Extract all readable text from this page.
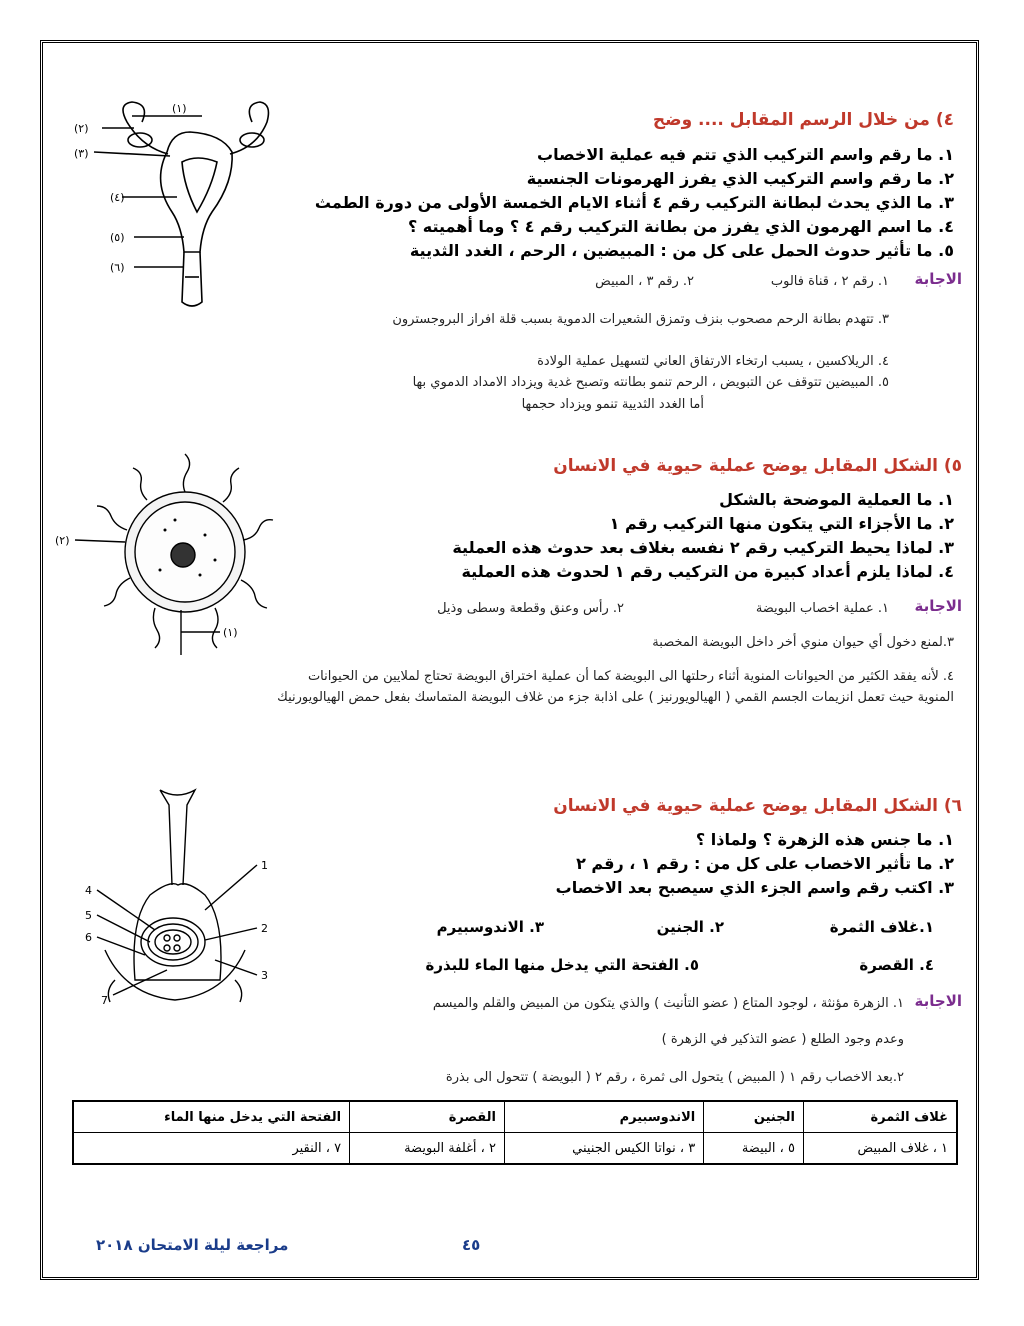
٤) من خلال الرسم المقابل .... وضح
١. ما رقم واسم التركيب الذي تتم فيه عملية الاخصاب
٢. ما رقم واسم التركيب الذي يفرز الهرمونات الجنسية
٣. ما الذي يحدث لبطانة التركيب رقم ٤ أثناء الايام الخمسة الأولى من دورة الطمث
٤. ما اسم الهرمون الذي يفرز من بطانة التركيب رقم ٤ ؟ وما أهميته ؟
٥. ما تأثير حدوث الحمل على كل من : المبيضين ، الرحم ، الغدد الثديية
الاجابة
١. رقم ٢ ، قناة فالوب
٢. رقم ٣ ، المبيض
٣. تتهدم بطانة الرحم مصحوب بنزف وتمزق الشعيرات الدموية بسبب قلة افراز البروجسترون
٤. الريلاكسين ، يسبب ارتخاء الارتفاق العاني لتسهيل عملية الولادة
٥. المبيضين تتوقف عن التبويض ، الرحم تنمو بطانته وتصبح غدية ويزداد الامداد الدموي بها
أما الغدد الثديية تنمو ويزداد حجمها
(١)
(٢)
(٣)
(٤)
(٥)
(٦)
٥) الشكل المقابل يوضح عملية حيوية في الانسان
١. ما العملية الموضحة بالشكل
٢. ما الأجزاء التي يتكون منها التركيب رقم ١
٣. لماذا يحيط التركيب رقم ٢ نفسه بغلاف بعد حدوث هذه العملية
٤. لماذا يلزم أعداد كبيرة من التركيب رقم ١ لحدوث هذه العملية
الاجابة
١. عملية اخصاب البويضة
٢. رأس وعنق وقطعة وسطى وذيل
٣.لمنع دخول أي حيوان منوي أخر داخل البويضة المخصبة
٤. لأنه يفقد الكثير من الحيوانات المنوية أثناء رحلتها الى البويضة كما أن عملية اختراق البويضة تحتاج لملايين من الحيوانات
المنوية حيث تعمل انزيمات الجسم القمي ( الهيالويورنيز ) على اذابة جزء من غلاف البويضة المتماسك بفعل حمض الهيالويورنيك
(٢)
(١)
٦) الشكل المقابل يوضح عملية حيوية في الانسان
١. ما جنس هذه الزهرة ؟ ولماذا ؟
٢. ما تأثير الاخصاب على كل من : رقم ١ ، رقم ٢
٣. اكتب رقم واسم الجزء الذي سيصبح بعد الاخصاب
١.غلاف الثمرة
٢. الجنين
٣. الاندوسبيرم
٤. القصرة
٥. الفتحة التي يدخل منها الماء للبذرة
الاجابة
١. الزهرة مؤنثة ، لوجود المتاع ( عضو التأنيث ) والذي يتكون من المبيض والقلم والميسم
وعدم وجود الطلع ( عضو التذكير في الزهرة )
٢.بعد الاخصاب رقم ١ ( المبيض ) يتحول الى ثمرة ، رقم ٢ ( البويضة ) تتحول الى بذرة
1
2
3
4
5
6
7
غلاف الثمرة	الجنين	الاندوسبيرم	القصرة	الفتحة التي يدخل منها الماء
١ ، غلاف المبيض	٥ ، البيضة	٣ ، نواتا الكيس الجنيني	٢ ، أغلفة البويضة	٧ ، النقير
٤٥
مراجعة ليلة الامتحان ٢٠١٨
